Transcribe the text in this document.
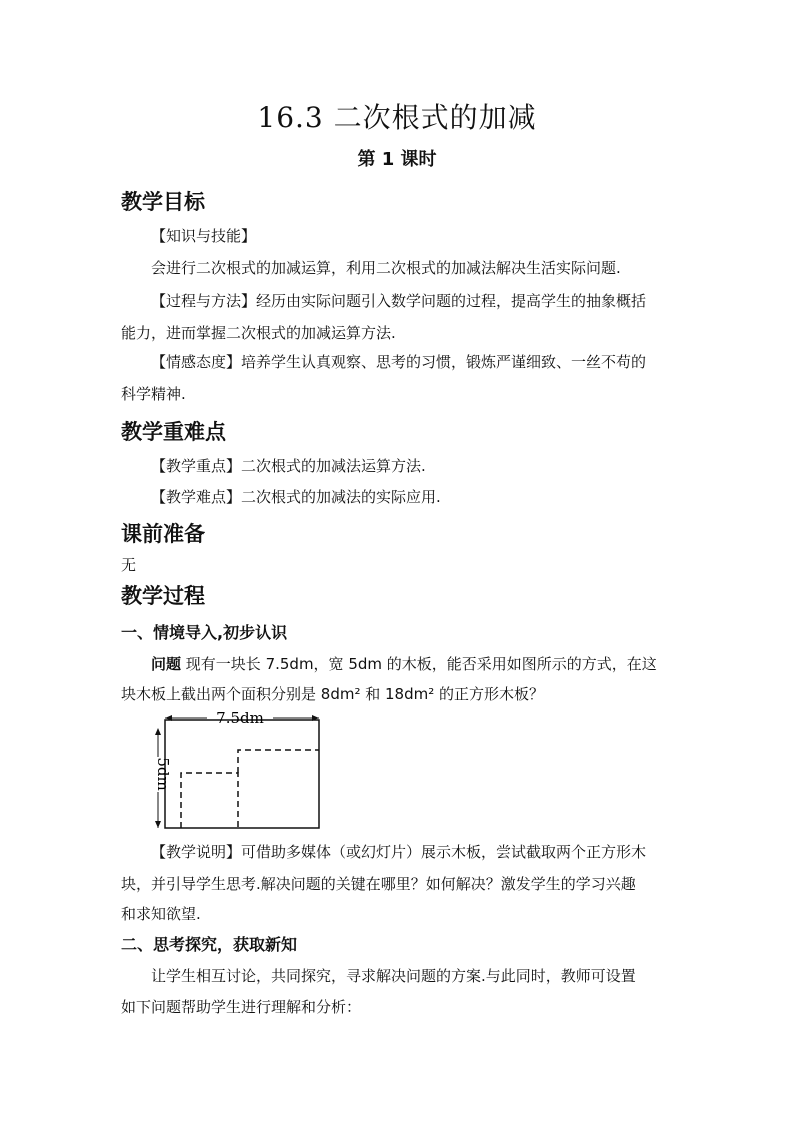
16.3 二次根式的加减
第 1 课时
教学目标
【知识与技能】
会进行二次根式的加减运算，利用二次根式的加减法解决生活实际问题.
【过程与方法】经历由实际问题引入数学问题的过程，提高学生的抽象概括
能力，进而掌握二次根式的加减运算方法.
【情感态度】培养学生认真观察、思考的习惯，锻炼严谨细致、一丝不苟的
科学精神.
教学重难点
【教学重点】二次根式的加减法运算方法.
【教学难点】二次根式的加减法的实际应用.
课前准备
无
教学过程
一、情境导入,初步认识
问题 现有一块长 7.5dm，宽 5dm 的木板，能否采用如图所示的方式，在这
块木板上截出两个面积分别是 8dm² 和 18dm² 的正方形木板？
7.5dm
5dm
【教学说明】可借助多媒体（或幻灯片）展示木板，尝试截取两个正方形木
块，并引导学生思考.解决问题的关键在哪里？如何解决？激发学生的学习兴趣
和求知欲望.
二、思考探究，获取新知
让学生相互讨论，共同探究，寻求解决问题的方案.与此同时，教师可设置
如下问题帮助学生进行理解和分析：
